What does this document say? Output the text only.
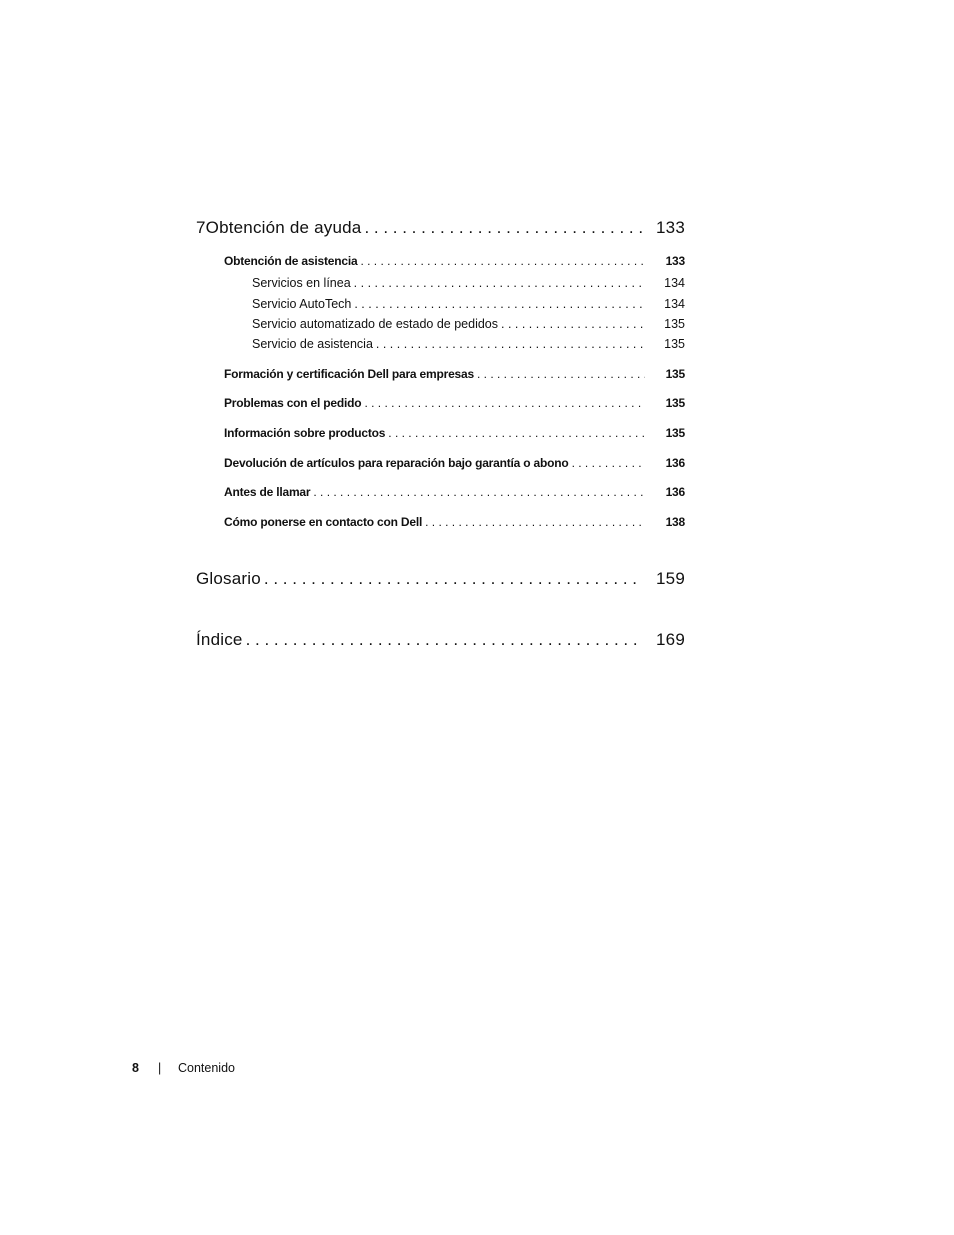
7 Obtención de ayuda . . .	133
Obtención de asistencia . . .	133
Servicios en línea . . .	134
Servicio AutoTech . . .	134
Servicio automatizado de estado de pedidos . . .	135
Servicio de asistencia . . .	135
Formación y certificación Dell para empresas . . .	135
Problemas con el pedido . . .	135
Información sobre productos . . .	135
Devolución de artículos para reparación bajo garantía o abono . . .	136
Antes de llamar . . .	136
Cómo ponerse en contacto con Dell . . .	138
Glosario . . .	159
Índice . . .	169
8	|	Contenido
